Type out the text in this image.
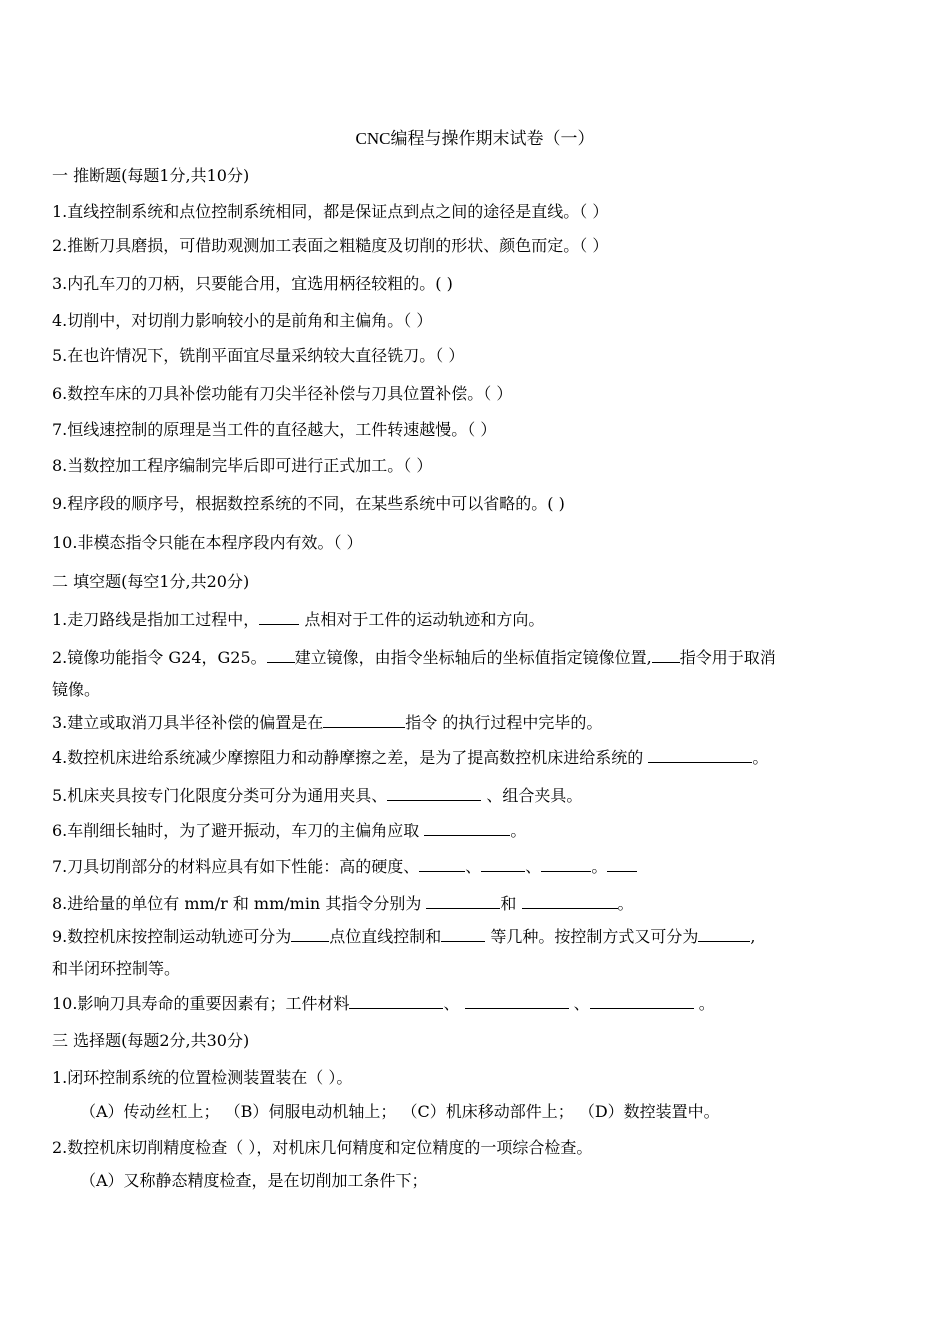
CNC编程与操作期末试卷（一）
一 推断题(每题1分,共10分)
1.直线控制系统和点位控制系统相同，都是保证点到点之间的途径是直线。（ ）
2.推断刀具磨损，可借助观测加工表面之粗糙度及切削的形状、颜色而定。（ ）
3.内孔车刀的刀柄，只要能合用，宜选用柄径较粗的。( )
4.切削中，对切削力影响较小的是前角和主偏角。（ ）
5.在也许情况下，铣削平面宜尽量采纳较大直径铣刀。（ ）
6.数控车床的刀具补偿功能有刀尖半径补偿与刀具位置补偿。（ ）
7.恒线速控制的原理是当工件的直径越大，工件转速越慢。（ ）
8.当数控加工程序编制完毕后即可进行正式加工。（ ）
9.程序段的顺序号，根据数控系统的不同，在某些系统中可以省略的。( )
10.非模态指令只能在本程序段内有效。（ ）
二 填空题(每空1分,共20分)
1.走刀路线是指加工过程中，	点相对于工件的运动轨迹和方向。
2.镜像功能指令 G24，G25。 建立镜像，由指令坐标轴后的坐标值指定镜像位置, 指令用于取消
镜像。
3.建立或取消刀具半径补偿的偏置是在	指令 的执行过程中完毕的。
4.数控机床进给系统减少摩擦阻力和动静摩擦之差，是为了提高数控机床进给系统的	。
5.机床夹具按专门化限度分类可分为通用夹具、	、组合夹具。
6.车削细长轴时，为了避开振动，车刀的主偏角应取	。
7.刀具切削部分的材料应具有如下性能：高的硬度、	、	、	。
8.进给量的单位有 mm/r 和 mm/min 其指令分别为	和	。
9.数控机床按控制运动轨迹可分为 点位直线控制和	等几种。按控制方式又可分为	,
和半闭环控制等。
10.影响刀具寿命的重要因素有；工件材料	、	、	。
三 选择题(每题2分,共30分)
1.闭环控制系统的位置检测装置装在（ ）。
（A）传动丝杠上； （B）伺服电动机轴上； （C）机床移动部件上； （D）数控装置中。
2.数控机床切削精度检查（ ），对机床几何精度和定位精度的一项综合检查。
（A）又称静态精度检查，是在切削加工条件下；
